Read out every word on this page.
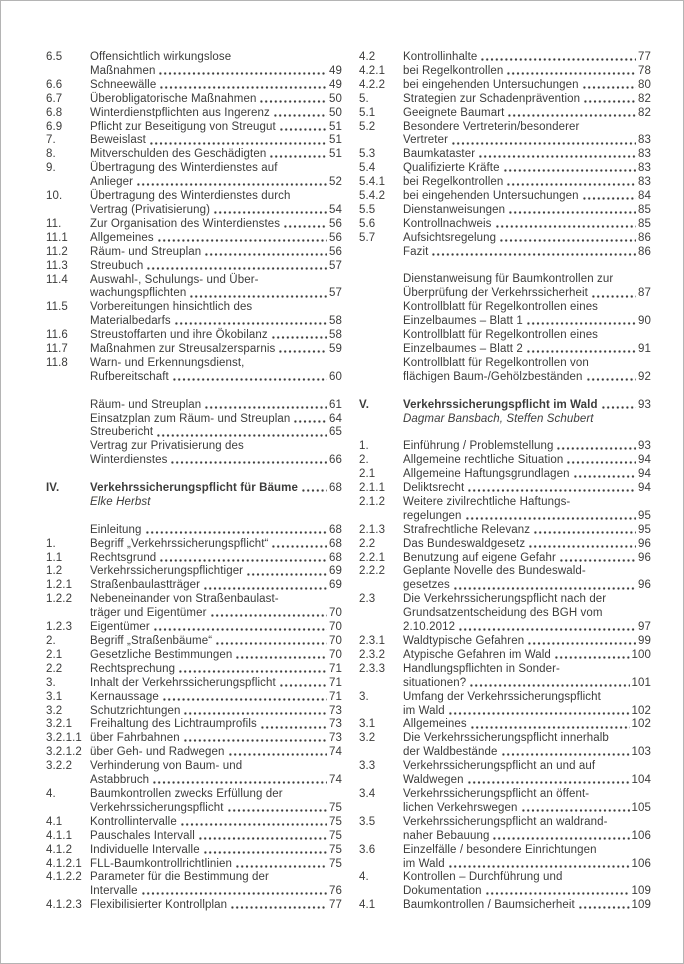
6.5	Offensichtlich wirkungslose
Maßnahmen	49
6.6	Schneewälle	49
6.7	Überobligatorische Maßnahmen	50
6.8	Winterdienstpflichten aus Ingerenz	50
6.9	Pflicht zur Beseitigung von Streugut	51
7.	Beweislast	51
8.	Mitverschulden des Geschädigten	51
9.	Übertragung des Winterdienstes auf
Anlieger	52
10.	Übertragung des Winterdienstes durch
Vertrag (Privatisierung)	54
11.	Zur Organisation des Winterdienstes	56
11.1	Allgemeines	56
11.2	Räum- und Streuplan	56
11.3	Streubuch	57
11.4	Auswahl-, Schulungs- und Über-
wachungspflichten	57
11.5	Vorbereitungen hinsichtlich des
Materialbedarfs	58
11.6	Streustoffarten und ihre Ökobilanz	58
11.7	Maßnahmen zur Streusalzersparnis	59
11.8	Warn- und Erkennungsdienst,
Rufbereitschaft	60
Räum- und Streuplan	61
Einsatzplan zum Räum- und Streuplan	64
Streubericht	65
Vertrag zur Privatisierung des
Winterdienstes	66
IV.	Verkehrssicherungspflicht für Bäume	68
Elke Herbst
Einleitung	68
1.	Begriff „Verkehrssicherungspflicht“	68
1.1	Rechtsgrund	68
1.2	Verkehrssicherungspflichtiger	69
1.2.1	Straßenbaulastträger	69
1.2.2	Nebeneinander von Straßenbaulast-
träger und Eigentümer	70
1.2.3	Eigentümer	70
2.	Begriff „Straßenbäume“	70
2.1	Gesetzliche Bestimmungen	70
2.2	Rechtsprechung	71
3.	Inhalt der Verkehrssicherungspflicht	71
3.1	Kernaussage	71
3.2	Schutzrichtungen	73
3.2.1	Freihaltung des Lichtraumprofils	73
3.2.1.1 über Fahrbahnen	73
3.2.1.2 über Geh- und Radwegen	74
3.2.2	Verhinderung von Baum- und
Astabbruch	74
4.	Baumkontrollen zwecks Erfüllung der
Verkehrssicherungspflicht	75
4.1	Kontrollintervalle	75
4.1.1	Pauschales Intervall	75
4.1.2	Individuelle Intervalle	75
4.1.2.1 FLL-Baumkontrollrichtlinien	75
4.1.2.2 Parameter für die Bestimmung der
Intervalle	76
4.1.2.3 Flexibilisierter Kontrollplan	77
4.2	Kontrollinhalte	77
4.2.1	bei Regelkontrollen	78
4.2.2	bei eingehenden Untersuchungen	80
5.	Strategien zur Schadenprävention	82
5.1	Geeignete Baumart	82
5.2	Besondere Vertreterin/besonderer
Vertreter	83
5.3	Baumkataster	83
5.4	Qualifizierte Kräfte	83
5.4.1	bei Regelkontrollen	83
5.4.2	bei eingehenden Untersuchungen	84
5.5	Dienstanweisungen	85
5.6	Kontrollnachweis	85
5.7	Aufsichtsregelung	86
Fazit	86
Dienstanweisung für Baumkontrollen zur
Überprüfung der Verkehrssicherheit	87
Kontrollblatt für Regelkontrollen eines
Einzelbaumes – Blatt 1	90
Kontrollblatt für Regelkontrollen eines
Einzelbaumes – Blatt 2	91
Kontrollblatt für Regelkontrollen von
flächigen Baum-/Gehölzbeständen	92
V.	Verkehrssicherungspflicht im Wald	93
Dagmar Bansbach, Steffen Schubert
1.	Einführung / Problemstellung	93
2.	Allgemeine rechtliche Situation	94
2.1	Allgemeine Haftungsgrundlagen	94
2.1.1	Deliktsrecht	94
2.1.2	Weitere zivilrechtliche Haftungs-
regelungen	95
2.1.3	Strafrechtliche Relevanz	95
2.2	Das Bundeswaldgesetz	96
2.2.1	Benutzung auf eigene Gefahr	96
2.2.2	Geplante Novelle des Bundeswald-
gesetzes	96
2.3	Die Verkehrssicherungspflicht nach der
Grundsatzentscheidung des BGH vom
2.10.2012	97
2.3.1	Waldtypische Gefahren	99
2.3.2	Atypische Gefahren im Wald	100
2.3.3	Handlungspflichten in Sonder-
situationen?	101
3.	Umfang der Verkehrssicherungspflicht
im Wald	102
3.1	Allgemeines	102
3.2	Die Verkehrssicherungspflicht innerhalb
der Waldbestände	103
3.3	Verkehrssicherungspflicht an und auf
Waldwegen	104
3.4	Verkehrssicherungspflicht an öffent-
lichen Verkehrswegen	105
3.5	Verkehrssicherungspflicht an waldrand-
naher Bebauung	106
3.6	Einzelfälle / besondere Einrichtungen
im Wald	106
4.	Kontrollen – Durchführung und
Dokumentation	109
4.1	Baumkontrollen / Baumsicherheit	109
